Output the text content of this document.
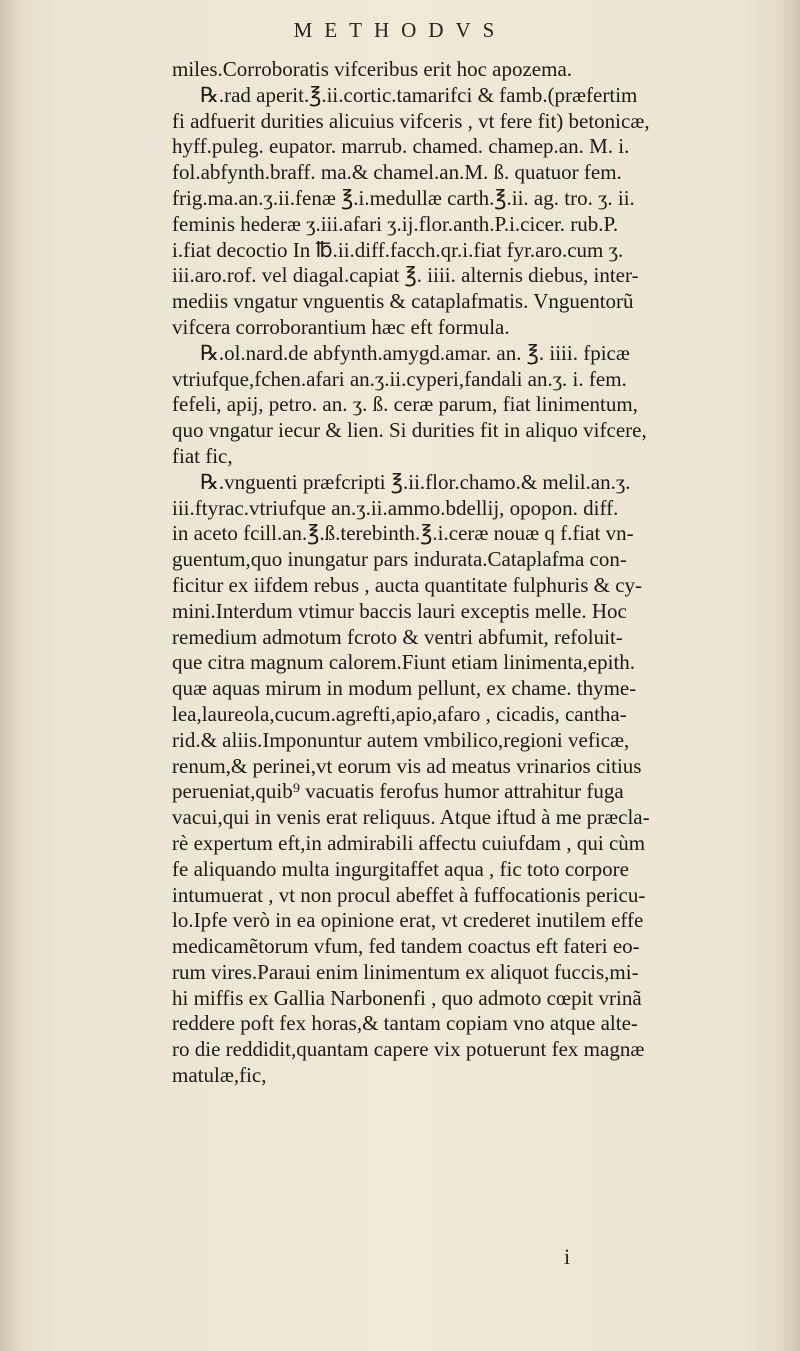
METHODVS
miles.Corroboratis vifceribus erit hoc apozema.
℞.rad aperit.℥.ii.cortic.tamarifci & famb.(præfertim
fi adfuerit durities alicuius vifceris , vt fere fit) betonicæ,
hyff.puleg. eupator. marrub. chamed. chamep.an. M. i.
fol.abfynth.braff. ma.& chamel.an.M. ß. quatuor fem.
frig.ma.an.ʒ.ii.fenæ ℥.i.medullæ carth.℥.ii. ag. tro. ʒ. ii.
feminis hederæ ʒ.iii.afari ʒ.ij.flor.anth.P.i.cicer. rub.P.
i.fiat decoctio In ℔.ii.diff.facch.qr.i.fiat fyr.aro.cum ʒ.
iii.aro.rof. vel diagal.capiat ℥. iiii. alternis diebus, inter-
mediis vngatur vnguentis & cataplafmatis. Vnguentorũ
vifcera corroborantium hæc eft formula.
℞.ol.nard.de abfynth.amygd.amar. an. ℥. iiii. fpicæ
vtriufque,fchen.afari an.ʒ.ii.cyperi,fandali an.ʒ. i. fem.
fefeli, apij, petro. an. ʒ. ß. ceræ parum, fiat linimentum,
quo vngatur iecur & lien. Si durities fit in aliquo vifcere,
fiat fic,
℞.vnguenti præfcripti ℥.ii.flor.chamo.& melil.an.ʒ.
iii.ftyrac.vtriufque an.ʒ.ii.ammo.bdellij, opopon. diff.
in aceto fcill.an.℥.ß.terebinth.℥.i.ceræ nouæ q f.fiat vn-
guentum,quo inungatur pars indurata.Cataplafma con-
ficitur ex iifdem rebus , aucta quantitate fulphuris & cy-
mini.Interdum vtimur baccis lauri exceptis melle. Hoc
remedium admotum fcroto & ventri abfumit, refoluit-
que citra magnum calorem.Fiunt etiam linimenta,epith.
quæ aquas mirum in modum pellunt, ex chame. thyme-
lea,laureola,cucum.agrefti,apio,afaro , cicadis, cantha-
rid.& aliis.Imponuntur autem vmbilico,regioni veficæ,
renum,& perinei,vt eorum vis ad meatus vrinarios citius
perueniat,quib⁹ vacuatis ferofus humor attrahitur fuga
vacui,qui in venis erat reliquus. Atque iftud à me præcla-
rè expertum eft,in admirabili affectu cuiufdam , qui cùm
fe aliquando multa ingurgitaffet aqua , fic toto corpore
intumuerat , vt non procul abeffet à fuffocationis pericu-
lo.Ipfe verò in ea opinione erat, vt crederet inutilem effe
medicamẽtorum vfum, fed tandem coactus eft fateri eo-
rum vires.Paraui enim linimentum ex aliquot fuccis,mi-
hi miffis ex Gallia Narbonenfi , quo admoto cœpit vrinã
reddere poft fex horas,& tantam copiam vno atque alte-
ro die reddidit,quantam capere vix potuerunt fex magnæ
matulæ,fic,
i
